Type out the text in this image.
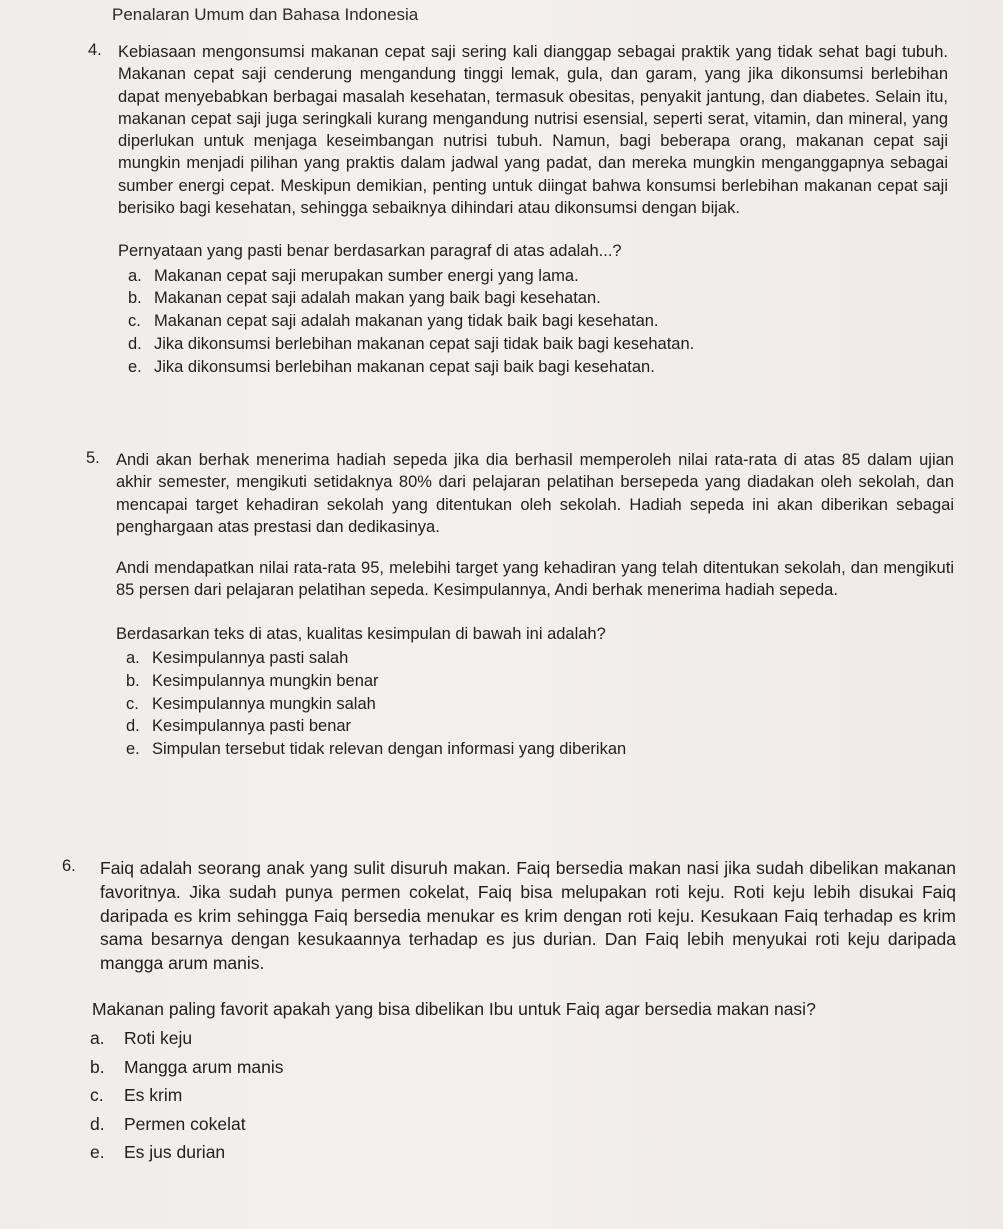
Penalaran Umum dan Bahasa Indonesia
4. Kebiasaan mengonsumsi makanan cepat saji sering kali dianggap sebagai praktik yang tidak sehat bagi tubuh. Makanan cepat saji cenderung mengandung tinggi lemak, gula, dan garam, yang jika dikonsumsi berlebihan dapat menyebabkan berbagai masalah kesehatan, termasuk obesitas, penyakit jantung, dan diabetes. Selain itu, makanan cepat saji juga seringkali kurang mengandung nutrisi esensial, seperti serat, vitamin, dan mineral, yang diperlukan untuk menjaga keseimbangan nutrisi tubuh. Namun, bagi beberapa orang, makanan cepat saji mungkin menjadi pilihan yang praktis dalam jadwal yang padat, dan mereka mungkin menganggapnya sebagai sumber energi cepat. Meskipun demikian, penting untuk diingat bahwa konsumsi berlebihan makanan cepat saji berisiko bagi kesehatan, sehingga sebaiknya dihindari atau dikonsumsi dengan bijak.
Pernyataan yang pasti benar berdasarkan paragraf di atas adalah...?
a. Makanan cepat saji merupakan sumber energi yang lama.
b. Makanan cepat saji adalah makan yang baik bagi kesehatan.
c. Makanan cepat saji adalah makanan yang tidak baik bagi kesehatan.
d. Jika dikonsumsi berlebihan makanan cepat saji tidak baik bagi kesehatan.
e. Jika dikonsumsi berlebihan makanan cepat saji baik bagi kesehatan.
5. Andi akan berhak menerima hadiah sepeda jika dia berhasil memperoleh nilai rata-rata di atas 85 dalam ujian akhir semester, mengikuti setidaknya 80% dari pelajaran pelatihan bersepeda yang diadakan oleh sekolah, dan mencapai target kehadiran sekolah yang ditentukan oleh sekolah. Hadiah sepeda ini akan diberikan sebagai penghargaan atas prestasi dan dedikasinya.
Andi mendapatkan nilai rata-rata 95, melebihi target yang kehadiran yang telah ditentukan sekolah, dan mengikuti 85 persen dari pelajaran pelatihan sepeda. Kesimpulannya, Andi berhak menerima hadiah sepeda.
Berdasarkan teks di atas, kualitas kesimpulan di bawah ini adalah?
a. Kesimpulannya pasti salah
b. Kesimpulannya mungkin benar
c. Kesimpulannya mungkin salah
d. Kesimpulannya pasti benar
e. Simpulan tersebut tidak relevan dengan informasi yang diberikan
6. Faiq adalah seorang anak yang sulit disuruh makan. Faiq bersedia makan nasi jika sudah dibelikan makanan favoritnya. Jika sudah punya permen cokelat, Faiq bisa melupakan roti keju. Roti keju lebih disukai Faiq daripada es krim sehingga Faiq bersedia menukar es krim dengan roti keju. Kesukaan Faiq terhadap es krim sama besarnya dengan kesukaannya terhadap es jus durian. Dan Faiq lebih menyukai roti keju daripada mangga arum manis.
Makanan paling favorit apakah yang bisa dibelikan Ibu untuk Faiq agar bersedia makan nasi?
a.	Roti keju
b.	Mangga arum manis
c.	Es krim
d.	Permen cokelat
e.	Es jus durian
